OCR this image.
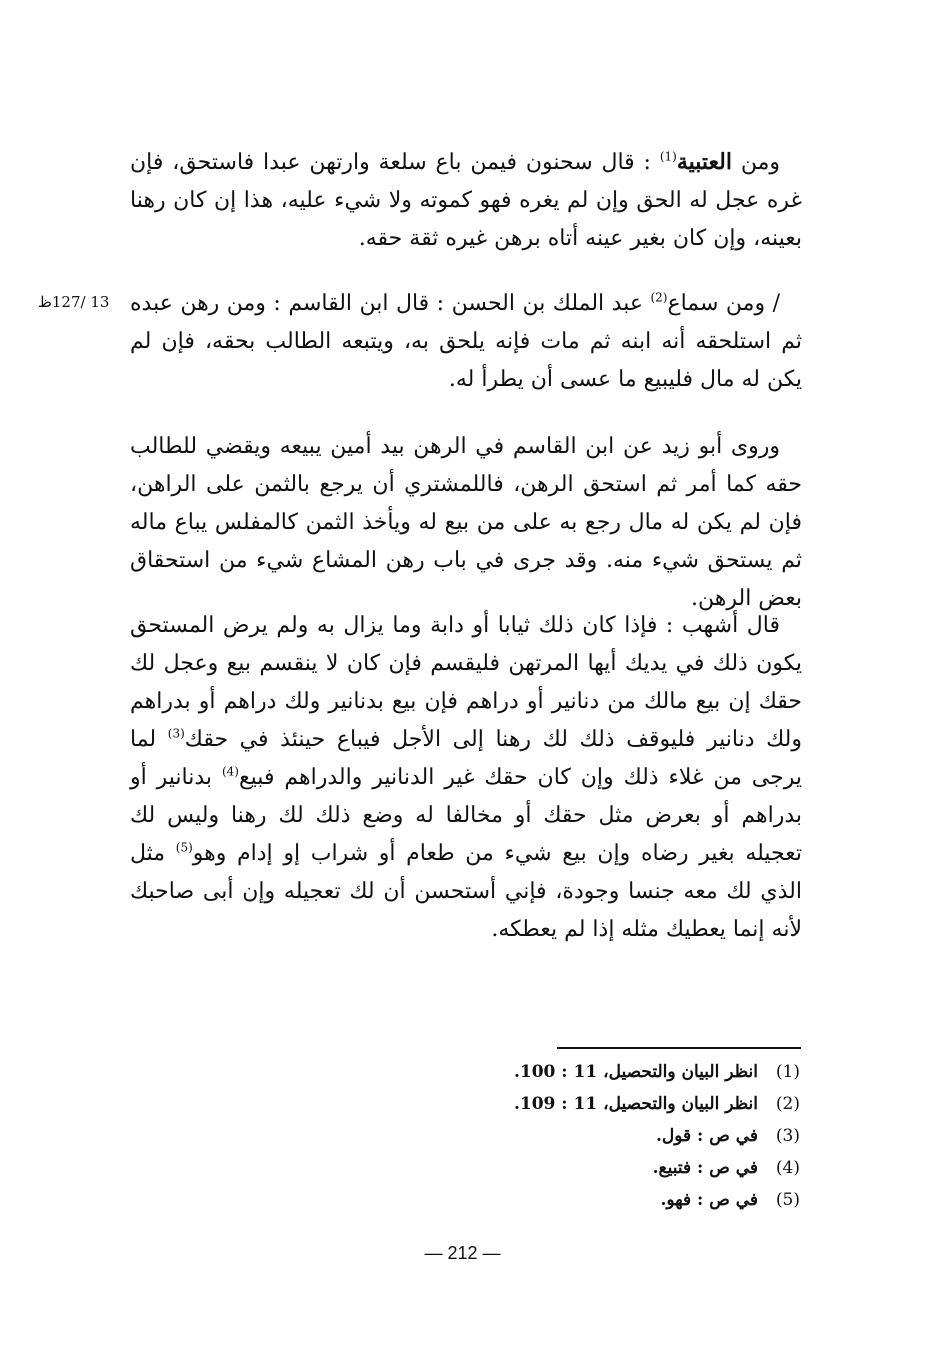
13 /127ظ

ومن العتبية$^{(1)}$ : قال سحنون فيمن باع سلعة وارتهن عبدا فاستحق، فإن غره عجل له الحق وإن لم يغره فهو كموته ولا شيء عليه، هذا إن كان رهنا بعينه، وإن كان بغير عينه أتاه برهن غيره ثقة حقه.

/ ومن سماع$^{(2)}$ عبد الملك بن الحسن : قال ابن القاسم : ومن رهن عبده ثم استلحقه أنه ابنه ثم مات فإنه يلحق به، ويتبعه الطالب بحقه، فإن لم يكن له مال فليبيع ما عسى أن يطرأ له.

وروى أبو زيد عن ابن القاسم في الرهن بيد أمين يبيعه ويقضي للطالب حقه كما أمر ثم استحق الرهن، فاللمشتري أن يرجع بالثمن على الراهن، فإن لم يكن له مال رجع به على من بيع له ويأخذ الثمن كالمفلس يباع ماله ثم يستحق شيء منه. وقد جرى في باب رهن المشاع شيء من استحقاق بعض الرهن.

قال أشهب : فإذا كان ذلك ثيابا أو دابة وما يزال به ولم يرض المستحق يكون ذلك في يديك أيها المرتهن فليقسم فإن كان لا ينقسم بيع وعجل لك حقك إن بيع مالك من دنانير أو دراهم فإن بيع بدنانير ولك دراهم أو بدراهم ولك دنانير فليوقف ذلك لك رهنا إلى الأجل فيباع حينئذ في حقك$^{(3)}$ لما يرجى من غلاء ذلك وإن كان حقك غير الدنانير والدراهم فبيع$^{(4)}$ بدنانير أو بدراهم أو بعرض مثل حقك أو مخالفا له وضع ذلك لك رهنا وليس لك تعجيله بغير رضاه وإن بيع شيء من طعام أو شراب إو إدام وهو$^{(5)}$ مثل الذي لك معه جنسا وجودة، فإني أستحسن أن لك تعجيله وإن أبى صاحبك لأنه إنما يعطيك مثله إذا لم يعطكه.

(1)
انظر البيان والتحصيل، 11 : 100.
(2)
انظر البيان والتحصيل، 11 : 109.
(3)
في ص : قول.
(4)
في ص : فتبيع.
(5)
في ص : فهو.
— 212 —
